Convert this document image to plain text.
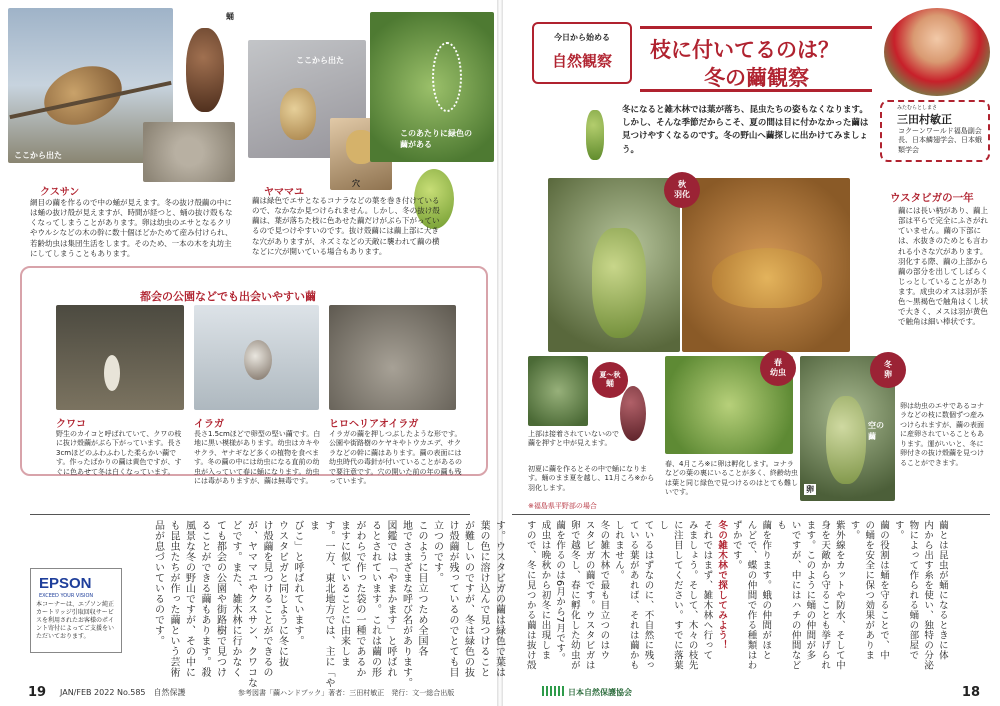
ここから出た
蛹
クスサン
網目の繭を作るので中の蛹が見えます。冬の抜け殻繭の中には蛹の抜け殻が見えますが、時間が経つと、蛹の抜け殻もなくなってしまうことがあります。卵は幼虫のエサとなるクリやウルシなどの木の幹に数十個ほどかためて産み付けられ、若齢幼虫は集団生活をします。そのため、一本の木を丸坊主にしてしまうこともあります。
ここから出た
穴
このあたりに緑色の繭がある
ヤママユ
繭は緑色でエサとなるコナラなどの葉を巻き付けているので、なかなか見つけられません。しかし、冬の抜け殻繭は、葉が落ちた枝に色あせた繭だけがぶら下がっているので見つけやすいのです。抜け殻繭には繭上部に大きな穴がありますが、ネズミなどの天敵に襲われて繭の横などに穴が開いている場合もあります。
都会の公園などでも出会いやすい繭
クワコ
野生のカイコと呼ばれていて、クワの枝に抜け殻繭がぶら下がっています。長さ3cmほどのふわふわした柔らかい繭です。作ったばかりの繭は黄色ですが、すぐに色あせて冬は白くなっています。
イラガ
長さ1.5cmほどで卵型の堅い繭です。白地に黒い模様があります。幼虫はカキやサクラ、ヤナギなど多くの植物を食べます。冬の繭の中には幼虫になる直前の幼虫が入っていて春に蛹になります。幼虫には毒がありますが、繭は無毒です。
ヒロヘリアオイラガ
イラガの繭を押しつぶしたような形です。公園や街路樹のケヤキやトウカエデ、サクラなどの幹に繭はあります。繭の表面には幼虫時代の毒針が付いていることがあるので要注意です。穴の開いた前の年の繭も残っています。
す。ウスタビガの繭は緑色で葉は
葉の色に溶け込んで見つけること
が難しいのですが、冬は緑色の抜
け殻繭が残っているのでとても目
立つのです。
このように目立つため全国各
地でさまざまな呼び名があります。
図鑑では「やまかます」と呼ばれ
るとされています。これは繭の形
がわらで作った袋の一種であるか
ますに似ていることに由来しま
す。一方、東北地方では、主に「やま
びこ」と呼ばれています。
ウスタビガと同じように冬に抜
け殻繭を見つけることができるの
が、ヤママユやクスサン、クワコな
どです。また、雑木林に行かなく
ても都会の公園や街路樹で見つけ
ることができる繭もあります。殺
風景な冬の野山ですが、その中に
も昆虫たちが作った繭という芸術
品が息づいているのです。
EPSON
EXCEED YOUR VISION
本コーナーは、エプソン純正カートリッジ引取回収サービスを利用されたお客様のポイント寄付によってご支援をいただいております。
19 JAN/FEB 2022 No.585　自然保護	参考図書「繭ハンドブック」著者：三田村敏正　発行：文一総合出版
今日から始める
自然観察	枝に付いてるのは？
冬の繭観察
みたむらとしまさ
三田村敏正
コクーンワールド福島副会長、日本鱗翅学会、日本蛾類学会
冬になると雑木林では葉が落ち、昆虫たちの姿もなくなります。しかし、そんな季節だからこそ、夏の間は目に付かなかった繭は見つけやすくなるのです。冬の野山へ繭探しに出かけてみましょう。
秋
羽化	ウスタビガの一年
繭には長い柄があり、繭上部は平らで完全にふさがれていません。繭の下部には、水抜きのためとも言われる小さな穴があります。羽化する際、繭の上部から繭の部分を出してしばらくじっとしていることがあります。成虫のオスは羽が茶色〜黒褐色で触角はくし状で大きく、メスは羽が黄色で触角は細い棒状です。
夏〜秋
蛹
上部は接着されていないので繭を押すと中が見えます。
初夏に繭を作るとその中で蛹になります。蛹のまま夏を越し、11月ころ※から羽化します。
※福島県平野部の場合
春
幼虫
春、4月ころ※に卵は孵化します。コナラなどの葉の裏にいることが多く、終齢幼虫は葉と同じ緑色で見つけるのはとても難しいです。
冬
卵
空の繭
卵
卵は幼虫のエサであるコナラなどの枝に数個ずつ産みつけられますが、繭の表面に産卵されていることもあります。運がいいと、冬に卵付きの抜け殻繭を見つけることができます。
繭とは昆虫が蛹になるときに体
内から出す糸を使い、独特の分泌
物によって作られる蛹の部屋です。
繭の役割は蛹を守ることで、中
の蛹を安全に保つ効果があります。
紫外線をカットや防水、そして中
身を天敵から守ることも挙げられ
ます。このように蛹の仲間が多
いですが、中にはハチの仲間なども
繭を作ります。蛾の仲間がほと
んどで、蝶の仲間で作る種類はわ
ずかです。
冬の雑木林で探してみよう！
それではまず、雑木林へ行って
みましょう。そして、木々の枝先
に注目してください。すでに落葉し
ているはずなのに、不自然に残っ
ている葉があれば、それは繭かも
しれません。
冬の雑木林で最も目立つのはウ
スタビガの繭です。ウスタビガは
卵で越冬し、春に孵化した幼虫が
繭を作るのは6月から7月です。
成虫は晩秋から初冬に出現しま
すので、冬に見つかる繭は抜け殻
日本自然保護協会	18
